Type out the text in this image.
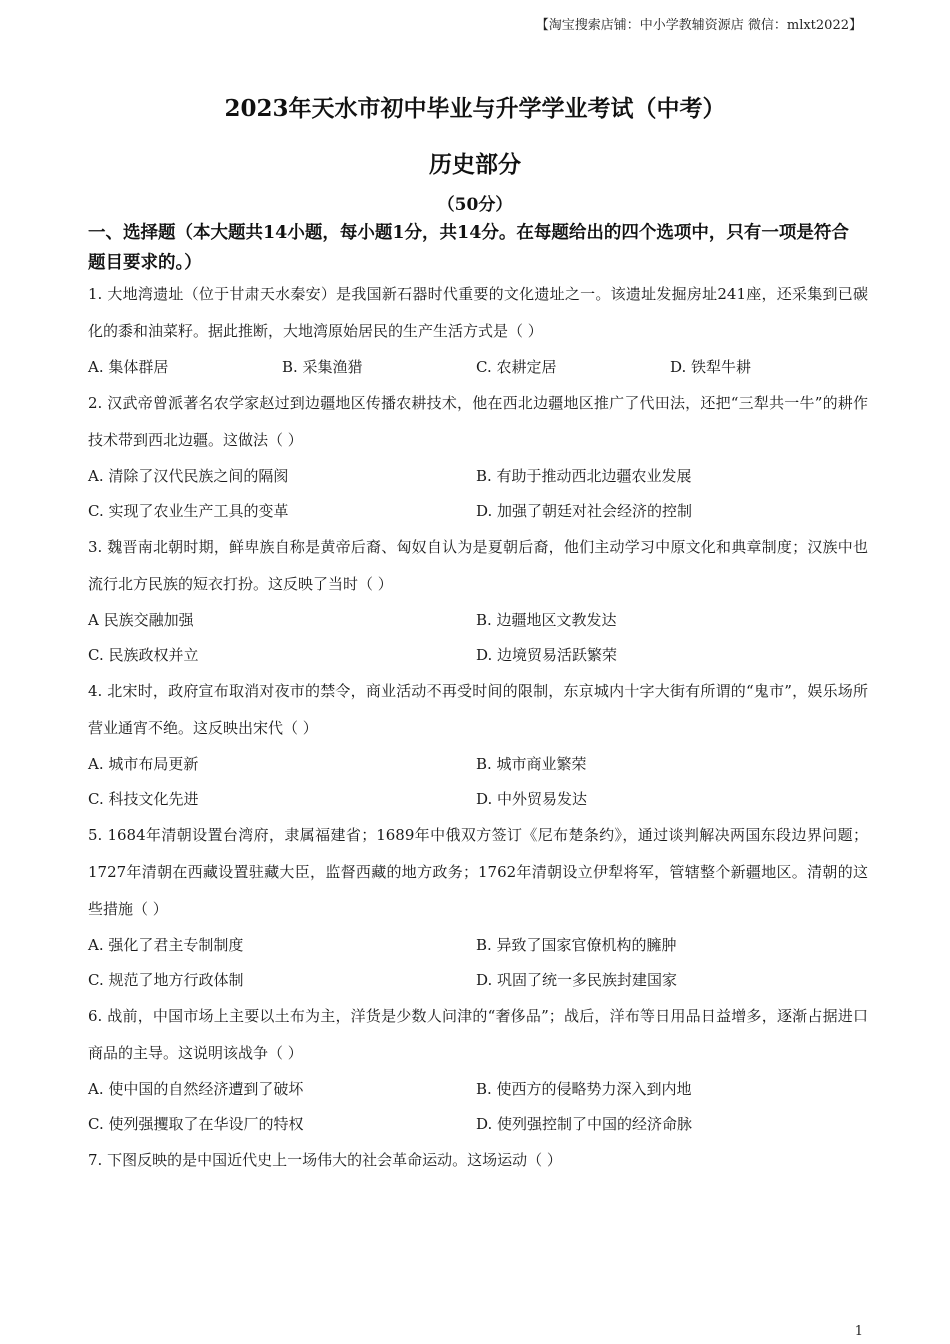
【淘宝搜索店铺：中小学教辅资源店 微信：mlxt2022】
2023年天水市初中毕业与升学学业考试（中考）
历史部分
（50分）
一、选择题（本大题共14小题，每小题1分，共14分。在每题给出的四个选项中，只有一项是符合题目要求的。）
1. 大地湾遗址（位于甘肃天水秦安）是我国新石器时代重要的文化遗址之一。该遗址发掘房址241座，还采集到已碳化的黍和油菜籽。据此推断，大地湾原始居民的生产生活方式是（ ）
A. 集体群居	B. 采集渔猎	C. 农耕定居	D. 铁犁牛耕
2. 汉武帝曾派著名农学家赵过到边疆地区传播农耕技术，他在西北边疆地区推广了代田法，还把“三犁共一牛”的耕作技术带到西北边疆。这做法（ ）
A. 清除了汉代民族之间的隔阂	B. 有助于推动西北边疆农业发展
C. 实现了农业生产工具的变革	D. 加强了朝廷对社会经济的控制
3. 魏晋南北朝时期，鲜卑族自称是黄帝后裔、匈奴自认为是夏朝后裔，他们主动学习中原文化和典章制度；汉族中也流行北方民族的短衣打扮。这反映了当时（ ）
A 民族交融加强	B. 边疆地区文教发达
C. 民族政权并立	D. 边境贸易活跃繁荣
4. 北宋时，政府宣布取消对夜市的禁令，商业活动不再受时间的限制，东京城内十字大街有所谓的“鬼市”，娱乐场所营业通宵不绝。这反映出宋代（ ）
A. 城市布局更新	B. 城市商业繁荣
C. 科技文化先进	D. 中外贸易发达
5. 1684年清朝设置台湾府，隶属福建省；1689年中俄双方签订《尼布楚条约》，通过谈判解决两国东段边界问题；1727年清朝在西藏设置驻藏大臣，监督西藏的地方政务；1762年清朝设立伊犁将军，管辖整个新疆地区。清朝的这些措施（ ）
A. 强化了君主专制制度	B. 异致了国家官僚机构的臃肿
C. 规范了地方行政体制	D. 巩固了统一多民族封建国家
6. 战前，中国市场上主要以土布为主，洋货是少数人问津的“奢侈品”；战后，洋布等日用品日益增多，逐渐占据进口商品的主导。这说明该战争（ ）
A. 使中国的自然经济遭到了破坏	B. 使西方的侵略势力深入到内地
C. 使列强攫取了在华设厂的特权	D. 使列强控制了中国的经济命脉
7. 下图反映的是中国近代史上一场伟大的社会革命运动。这场运动（ ）
1
